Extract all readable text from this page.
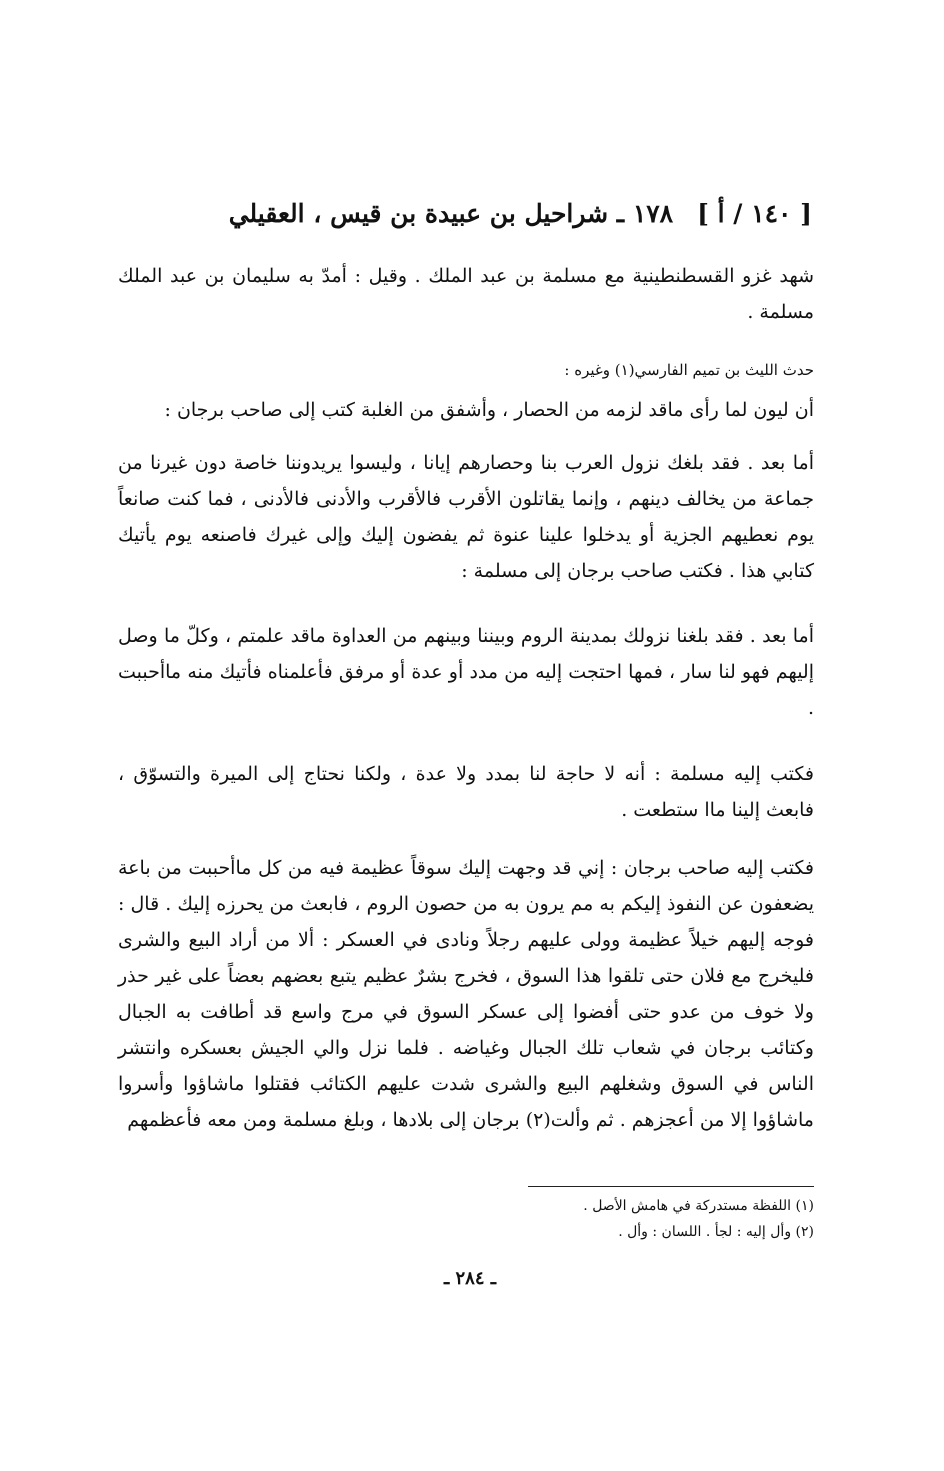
[ ١٤٠ / أ ]١٧٨ ـ شراحيل بن عبيدة بن قيس ، العقيلي
شهد غزو القسطنطينية مع مسلمة بن عبد الملك . وقيل : أمدّ به سليمان بن عبد الملك مسلمة .
حدث الليث بن تميم الفارسي(١) وغيره :
أن ليون لما رأى ماقد لزمه من الحصار ، وأشفق من الغلبة كتب إلى صاحب برجان :
أما بعد . فقد بلغك نزول العرب بنا وحصارهم إيانا ، وليسوا يريدوننا خاصة دون غيرنا من جماعة من يخالف دينهم ، وإنما يقاتلون الأقرب فالأقرب والأدنى فالأدنى ، فما كنت صانعاً يوم نعطيهم الجزية أو يدخلوا علينا عنوة ثم يفضون إليك وإلى غيرك فاصنعه يوم يأتيك كتابي هذا . فكتب صاحب برجان إلى مسلمة :
أما بعد . فقد بلغنا نزولك بمدينة الروم وبيننا وبينهم من العداوة ماقد علمتم ، وكلّ ما وصل إليهم فهو لنا سار ، فمها احتجت إليه من مدد أو عدة أو مرفق فأعلمناه فأتيك منه ماأحببت .
فكتب إليه مسلمة : أنه لا حاجة لنا بمدد ولا عدة ، ولكنا نحتاج إلى الميرة والتسوّق ، فابعث إلينا ماا ستطعت .
فكتب إليه صاحب برجان : إني قد وجهت إليك سوقاً عظيمة فيه من كل ماأحببت من باعة يضعفون عن النفوذ إليكم به مم يرون به من حصون الروم ، فابعث من يحرزه إليك . قال : فوجه إليهم خيلاً عظيمة وولى عليهم رجلاً ونادى في العسكر : ألا من أراد البيع والشرى فليخرج مع فلان حتى تلقوا هذا السوق ، فخرج بشرٌ عظيم يتبع بعضهم بعضاً على غير حذر ولا خوف من عدو حتى أفضوا إلى عسكر السوق في مرج واسع قد أطافت به الجبال وكتائب برجان في شعاب تلك الجبال وغياضه . فلما نزل والي الجيش بعسكره وانتشر الناس في السوق وشغلهم البيع والشرى شدت عليهم الكتائب فقتلوا ماشاؤوا وأسروا ماشاؤوا إلا من أعجزهم . ثم وألت(٢) برجان إلى بلادها ، وبلغ مسلمة ومن معه فأعظمهم
(١) اللفظة مستدركة في هامش الأصل .
(٢) وأل إليه : لجأ . اللسان : وأل .
ـ ٢٨٤ ـ
